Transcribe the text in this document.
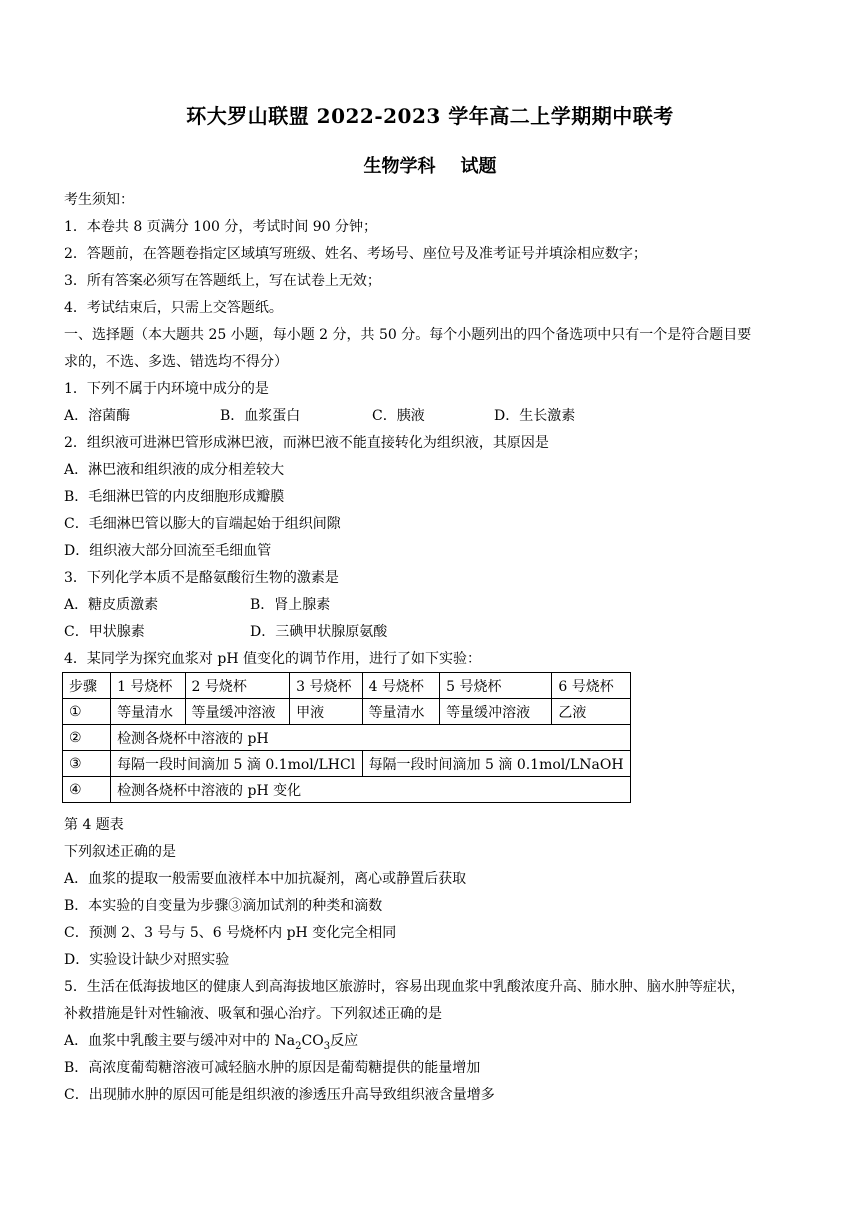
环大罗山联盟 2022-2023 学年高二上学期期中联考
生物学科    试题
考生须知：
1．本卷共 8 页满分 100 分，考试时间 90 分钟；
2．答题前，在答题卷指定区域填写班级、姓名、考场号、座位号及准考证号并填涂相应数字；
3．所有答案必须写在答题纸上，写在试卷上无效；
4．考试结束后，只需上交答题纸。
一、选择题（本大题共 25 小题，每小题 2 分，共 50 分。每个小题列出的四个备选项中只有一个是符合题目要
求的，不选、多选、错选均不得分）
1．下列不属于内环境中成分的是
A．溶菌酶	B．血浆蛋白	C．胰液	D．生长激素
2．组织液可进淋巴管形成淋巴液，而淋巴液不能直接转化为组织液，其原因是
A．淋巴液和组织液的成分相差较大
B．毛细淋巴管的内皮细胞形成瓣膜
C．毛细淋巴管以膨大的盲端起始于组织间隙
D．组织液大部分回流至毛细血管
3．下列化学本质不是酪氨酸衍生物的激素是
A．糖皮质激素	B．肾上腺素
C．甲状腺素	D．三碘甲状腺原氨酸
4．某同学为探究血浆对 pH 值变化的调节作用，进行了如下实验：
步骤	1 号烧杯	2 号烧杯	3 号烧杯	4 号烧杯	5 号烧杯	6 号烧杯
①	等量清水	等量缓冲溶液	甲液	等量清水	等量缓冲溶液	乙液
②	检测各烧杯中溶液的 pH					
③	每隔一段时间滴加 5 滴 0.1mol/LHCl			每隔一段时间滴加 5 滴 0.1mol/LNaOH		
④	检测各烧杯中溶液的 pH 变化					
第 4 题表
下列叙述正确的是
A．血浆的提取一般需要血液样本中加抗凝剂，离心或静置后获取
B．本实验的自变量为步骤③滴加试剂的种类和滴数
C．预测 2、3 号与 5、6 号烧杯内 pH 变化完全相同
D．实验设计缺少对照实验
5．生活在低海拔地区的健康人到高海拔地区旅游时，容易出现血浆中乳酸浓度升高、肺水肿、脑水肿等症状，
补救措施是针对性输液、吸氧和强心治疗。下列叙述正确的是
A．血浆中乳酸主要与缓冲对中的 $Na_2CO_3$反应
B．高浓度葡萄糖溶液可减轻脑水肿的原因是葡萄糖提供的能量增加
C．出现肺水肿的原因可能是组织液的渗透压升高导致组织液含量增多
